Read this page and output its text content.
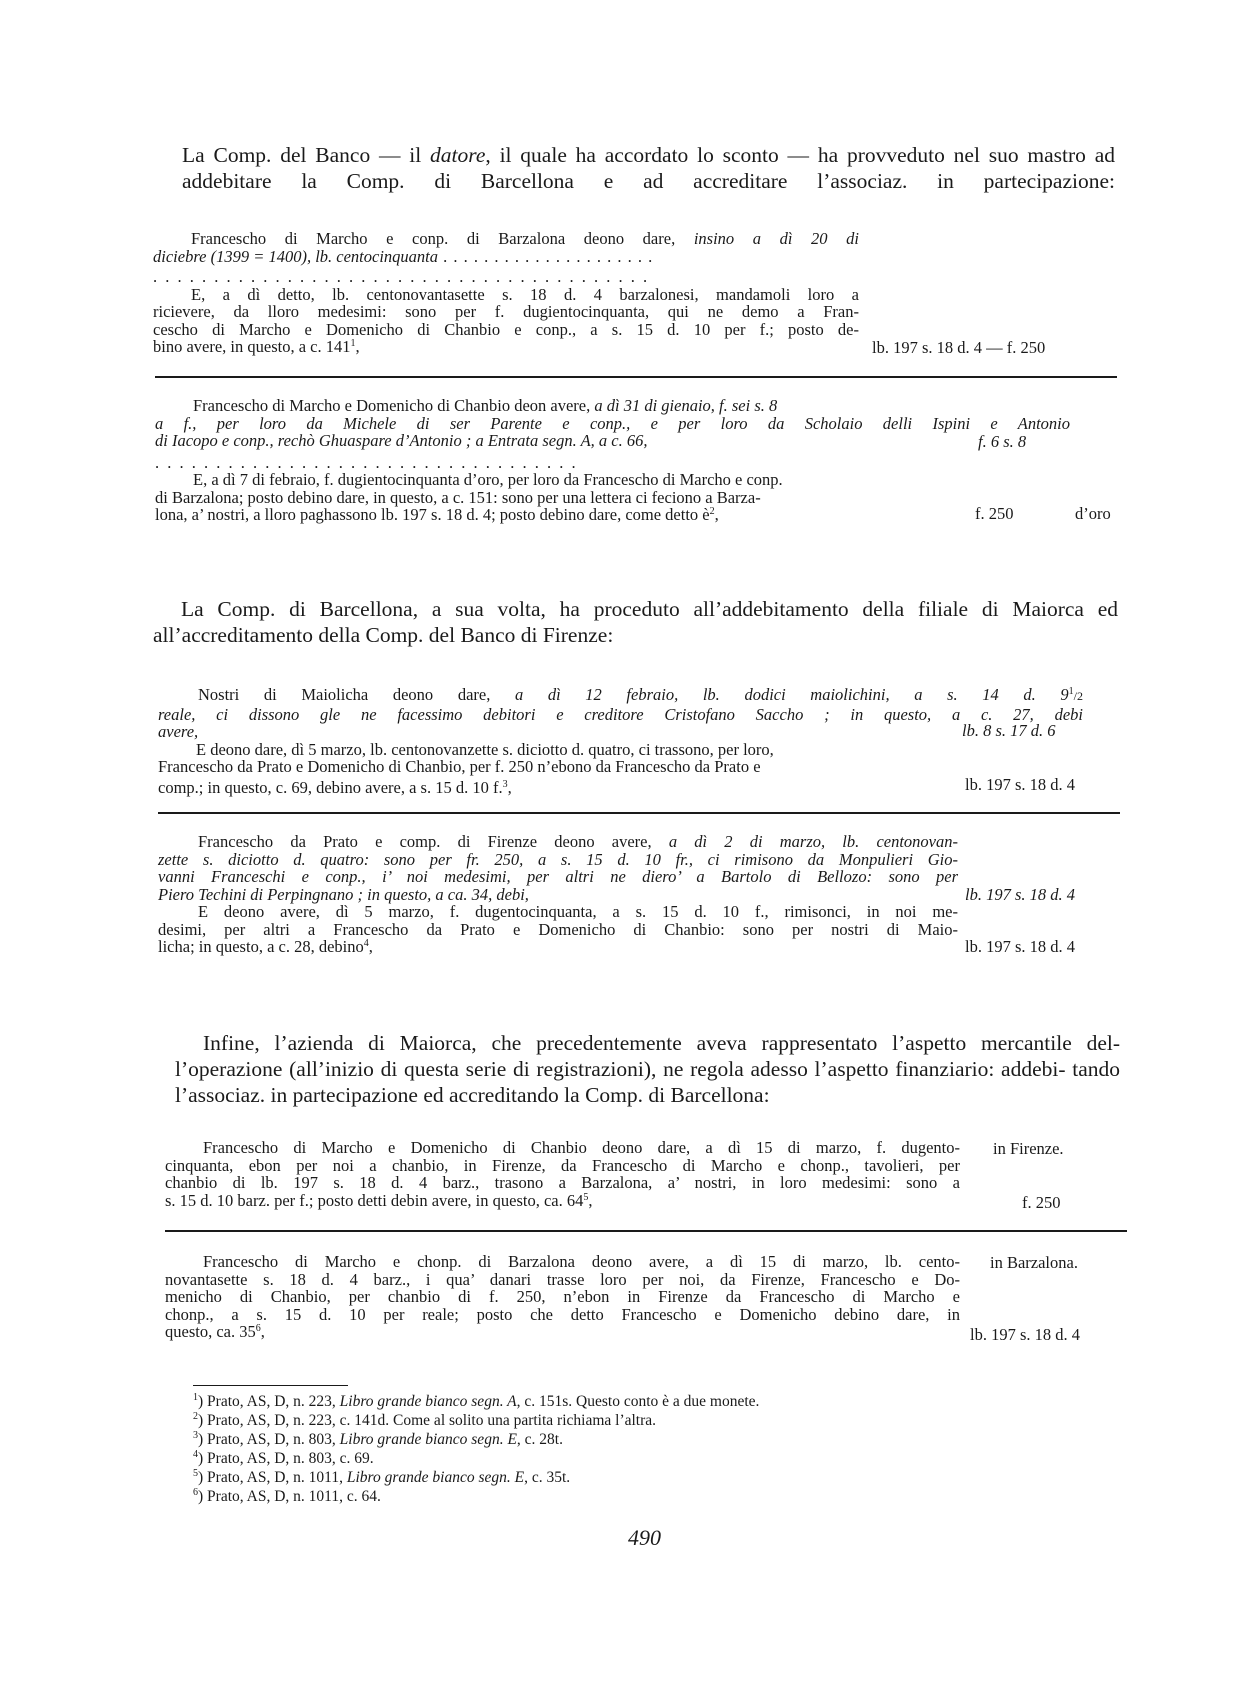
La Comp. del Banco — il datore, il quale ha accordato lo sconto — ha provveduto nel suo mastro ad addebitare la Comp. di Barcellona e ad accreditare l’associaz. in partecipazione:

Franceschо di Marcho e conp. di Barzalona deono dare, insino a dì 20 di
diciebre (1399 = 1400), lb. centocinquanta . . . . . . . . . . . . . . . . . . . . .
. . . . . . . . . . . . . . . . . . . . . . . . . . . . . . . . . . . . . . . . .
E, a dì detto, lb. centonovantasette s. 18 d. 4 barzalonesi, mandamoli loro a
ricievere, da lloro medesimi: sono per f. dugientocinquanta, qui ne demo a Fran-
ceschо di Marcho e Domenicho di Chanbio e conp., a s. 15 d. 10 per f.; posto de-
bino avere, in questo, a c. $141^1$,	lb. 197 s. 18 d. 4 — f. 250
Franceschо di Marcho e Domenicho di Chanbio deon avere, a dì 31 di gienaio, f. sei s. 8
a f., per loro da Michele di ser Parente e conp., e per loro da Scholaio delli Ispini e Antonio
di Iacopo e conp., rechò Ghuaspare d’Antonio ; a Entrata segn. A, a c. 66,
. . . . . . . . . . . . . . . . . . . . . . . . . . . . . . . . . . .
E, a dì 7 di febraio, f. dugientocinquanta d’oro, per loro da Franceschо di Marcho e conp.
di Barzalona; posto debino dare, in questo, a c. 151: sono per una lettera ci feciono a Barza-
lona, a’ nostri, a lloro paghassono lb. 197 s. 18 d. 4; posto debino dare, come detto $è^2$,
f. 6 s. 8
f. 250	d’oro

La Comp. di Barcellona, a sua volta, ha proceduto all’addebitamento della filiale di Maiorca ed all’accreditamento della Comp. del Banco di Firenze:

Nostri di Maiolicha deono dare, a dì 12 febraio, lb. dodici maiolichini, a s. 14 d. $9^1/2$
reale, ci dissono gle ne facessimo debitori e creditore Cristofano Saccho ; in questo, a c. 27, debi
avere,
E deono dare, dì 5 marzo, lb. centonovanzette s. diciotto d. quatro, ci trassono, per loro,
Franceschо da Prato e Domenicho di Chanbio, per f. 250 n’ebono da Franceschо da Prato e
comp.; in questo, c. 69, debino avere, a s. 15 d. 10 f.$^3$,
lb. 8 s. 17 d. 6
lb. 197 s. 18 d. 4
Franceschо da Prato e comp. di Firenze deono avere, a dì 2 di marzo, lb. centonovan-
zette s. diciotto d. quatro: sono per fr. 250, a s. 15 d. 10 fr., ci rimisono da Monpulieri Gio-
vanni Franceschi e conp., i’ noi medesimi, per altri ne diero’ a Bartolo di Bellozo: sono per
Piero Techini di Perpingnano ; in questo, a ca. 34, debi,
E deono avere, dì 5 marzo, f. dugentocinquanta, a s. 15 d. 10 f., rimisonci, in noi me-
desimi, per altri a Franceschо da Prato e Domenicho di Chanbio: sono per nostri di Maio-
licha; in questo, a c. 28, debino$^4$,
lb. 197 s. 18 d. 4
lb. 197 s. 18 d. 4

Infine, l’azienda di Maiorca, che precedentemente aveva rappresentato l’aspetto mercantile del- l’operazione (all’inizio di questa serie di registrazioni), ne regola adesso l’aspetto finanziario: addebi- tando l’associaz. in partecipazione ed accreditando la Comp. di Barcellona:

Franceschо di Marcho e Domenicho di Chanbio deono dare, a dì 15 di marzo, f. dugento-
cinquanta, ebon per noi a chanbio, in Firenze, da Franceschо di Marcho e chonp., tavolieri, per
chanbio di lb. 197 s. 18 d. 4 barz., trasono a Barzalona, a’ nostri, in loro medesimi: sono a
s. 15 d. 10 barz. per f.; posto detti debin avere, in questo, ca. $64^5$,
in Firenze.
f. 250
Franceschо di Marcho e chonp. di Barzalona deono avere, a dì 15 di marzo, lb. cento-
novantasette s. 18 d. 4 barz., i qua’ danari trasse loro per noi, da Firenze, Franceschо e Do-
menicho di Chanbio, per chanbio di f. 250, n’ebon in Firenze da Franceschо di Marcho e
chonp., a s. 15 d. 10 per reale; posto che detto Franceschо e Domenicho debino dare, in
questo, ca. $35^6$,
in Barzalona.
lb. 197 s. 18 d. 4
$^1$) Prato, AS, D, n. 223, Libro grande bianco segn. A, c. 151s. Questo conto è a due monete.
$^2$) Prato, AS, D, n. 223, c. 141d. Come al solito una partita richiama l’altra.
$^3$) Prato, AS, D, n. 803, Libro grande bianco segn. E, c. 28t.
$^4$) Prato, AS, D, n. 803, c. 69.
$^5$) Prato, AS, D, n. 1011, Libro grande bianco segn. E, c. 35t.
$^6$) Prato, AS, D, n. 1011, c. 64.
490
